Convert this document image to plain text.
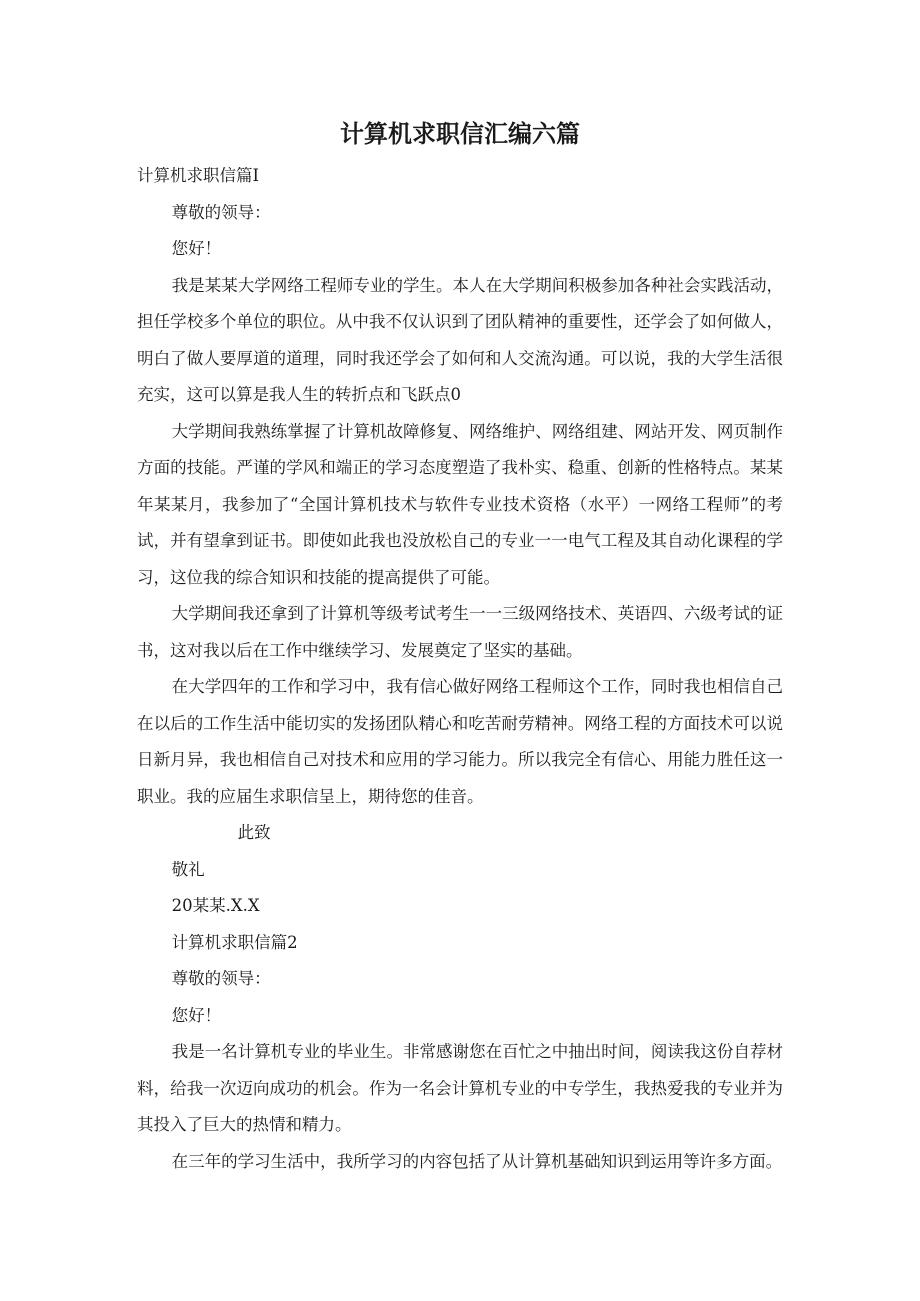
计算机求职信汇编六篇

计算机求职信篇I

尊敬的领导：

您好！

我是某某大学网络工程师专业的学生。本人在大学期间积极参加各种社会实践活动，担任学校多个单位的职位。从中我不仅认识到了团队精神的重要性，还学会了如何做人，明白了做人要厚道的道理，同时我还学会了如何和人交流沟通。可以说，我的大学生活很充实，这可以算是我人生的转折点和飞跃点0

大学期间我熟练掌握了计算机故障修复、网络维护、网络组建、网站开发、网页制作方面的技能。严谨的学风和端正的学习态度塑造了我朴实、稳重、创新的性格特点。某某年某某月，我参加了“全国计算机技术与软件专业技术资格（水平）一网络工程师”的考试，并有望拿到证书。即使如此我也没放松自己的专业一一电气工程及其自动化课程的学习，这位我的综合知识和技能的提高提供了可能。

大学期间我还拿到了计算机等级考试考生一一三级网络技术、英语四、六级考试的证书，这对我以后在工作中继续学习、发展奠定了坚实的基础。

在大学四年的工作和学习中，我有信心做好网络工程师这个工作，同时我也相信自己在以后的工作生活中能切实的发扬团队精心和吃苦耐劳精神。网络工程的方面技术可以说日新月异，我也相信自己对技术和应用的学习能力。所以我完全有信心、用能力胜任这一职业。我的应届生求职信呈上，期待您的佳音。

此致

敬礼

20某某.X.X

计算机求职信篇2

尊敬的领导：

您好！

我是一名计算机专业的毕业生。非常感谢您在百忙之中抽出时间，阅读我这份自荐材料，给我一次迈向成功的机会。作为一名会计算机专业的中专学生，我热爱我的专业并为其投入了巨大的热情和精力。

在三年的学习生活中，我所学习的内容包括了从计算机基础知识到运用等许多方面。
